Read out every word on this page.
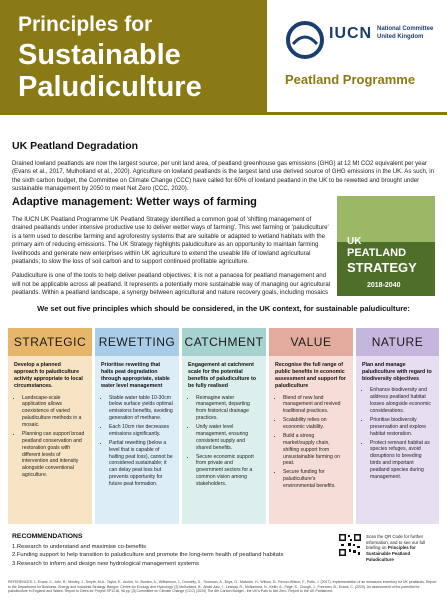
Principles for
Sustainable
Paludiculture
IUCN National Committee United Kingdom
Peatland Programme
UK Peatland Degradation

Drained lowland peatlands are now the largest source, per unit land area, of peatland greenhouse gas emissions (GHG) at 12 Mt CO2 equivalent per year (Evans et al., 2017, Mulholland et al., 2020). Agriculture on lowland peatlands is the largest land use derived source of GHG emissions in the UK. As such, in the sixth carbon budget, the Committee on Climate Change (CCC) have called for 60% of lowland peatland in the UK to be rewetted and brought under sustainable management by 2050 to meet Net Zero (CCC, 2020).

Adaptive management: Wetter ways of farming

The IUCN UK Peatland Programme UK Peatland Strategy identified a common goal of 'shifting management of drained peatlands under intensive productive use to deliver wetter ways of farming'. This wet farming or 'paludiculture' is a term used to describe farming and agroforestry systems that are suitable or adapted to wetland habitats with the primary aim of reducing emissions. The UK Strategy highlights paludiculture as an opportunity to maintain farming livelihoods and generate new enterprises within UK agriculture to extend the useable life of lowland agricultural peatlands; to slow the loss of soil carbon and to support continued profitable agriculture.

Paludiculture is one of the tools to help deliver peatland objectives; it is not a panacea for peatland management and will not be applicable across all peatland. It represents a potentially more sustainable way of managing our agricultural peatlands. Within a peatland landscape, a synergy between agricultural and nature recovery goals, including mosaics

UK
PEATLAND
STRATEGY
2018-2040
We set out five principles which should be considered, in the UK context, for sustainable paludiculture:
STRATEGIC
Develop a planned approach to paludiculture activity appropriate to local circumstances.
• Landscape-scale application allows coexistence of varied paludiculture methods in a mosaic.
• Planning can support broad peatland conservation and restoration goals with different levels of intervention and intensity alongside conventional agriculture.
REWETTING
Prioritise rewetting that halts peat degradation through appropriate, stable water level management
• Stable water table 10-30cm below surface yields optimal emissions benefits, avoiding generation of methane.
• Each 10cm rise decreases emissions significantly.
• Partial rewetting (below a level that is capable of halting peat loss), cannot be considered sustainable; it can delay peat loss but prevents opportunity for future peat formation.
CATCHMENT
Engagement at catchment scale for the potential benefits of paludiculture to be fully realised
• Reimagine water management, departing from historical drainage practices.
• Unify water level management, ensuring consistent supply and shared benefits.
• Secure economic support from private and government sectors for a common vision among stakeholders.
VALUE
Recognise the full range of public benefits in economic assessment and support for paludiculture
• Blend of new land management and revived traditional practices.
• Scalability relies on economic viability.
• Build a strong market/supply chain, shifting support from unsustainable farming on peat.
• Secure funding for paludiculture's environmental benefits.
NATURE
Plan and manage paludiculture with regard to biodiversity objectives
• Enhance biodiversity and address peatland habitat losses alongside economic considerations.
• Prioritise biodiversity preservation and explore habitat restoration.
• Protect remnant habitat as species refuges, avoid disruptions to breeding birds and important peatland species during management.
RECOMMENDATIONS
1.Research to understand and maximise co-benefits
2.Funding support to help transition to paludiculture and promote the long-term health of peatland habitats
3.Research to inform and design new hydrological management systems
Scan the QR Code for further information, and to see our full briefing on Principles for Sustainable Peatland Paludiculture
REFERENCES: 1. Evans, C., Artz, R., Moxley, J., Smyth, M-A., Taylor, E., Archer, N., Burden, A., Williamson, J., Donnelly, D., Thomson, A., Buys, G., Malcolm, H., Wilson, D., Renou-Wilson, F., Potts, J. (2017). Implementation of an emissions inventory for UK peatlands. Report to the Department for Business, Energy and Industrial Strategy. Bangor: Centre for Ecology and Hydrology. [2] Mulholland, B., Abdel-Aziz, I., Lindsay, R., McNamara, N., Keith, A., Page, S., Clough, J., Freeman, B., Evans, C. (2020). An assessment of the potential for paludiculture in England and Wales. Report to Defra for Project SP1218, 98 pp. [3] Committee on Climate Change (CCC) (2020) The 6th Carbon Budget - the UK's Path to Net Zero. Report to the UK Parliament.
